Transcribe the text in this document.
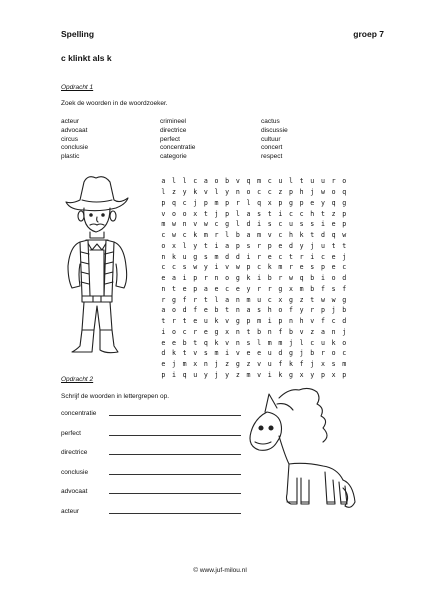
Spelling	groep 7
c klinkt als k
Opdracht 1
Zoek de woorden in de woordzoeker.
acteur	crimineel	cactus
advocaat	directrice	discussie
circus	perfect	cultuur
conclusie	concentratie	concert
plastic	categorie	respect
a	l	l	c	a	o	b	v	q	m	c	u	l	t	u	u	r	o
l	z	y	k	v	l	y	n	o	c	c	z	p	h	j	w	o	q
p	q	c	j	p	m	p	r	l	q	x	p	g	p	e	y	q	g
v	o	o	x	t	j	p	l	a	s	t	i	c	c	h	t	z	p
m	w	n	v	w	c	g	l	d	i	s	c	u	s	s	i	e	p
c	w	c	k	m	r	l	b	a	m	v	c	h	k	t	d	q	w
o	x	l	y	t	i	a	p	s	r	p	e	d	y	j	u	t	t
n	k	u	g	s	m	d	d	i	r	e	c	t	r	i	c	e	j
c	c	s	w	y	i	v	w	p	c	k	m	r	e	s	p	e	c
e	a	i	p	r	n	o	g	k	i	b	r	w	q	b	i	o	d
n	t	e	p	a	e	c	e	y	r	r	g	x	m	b	f	s	f
r	g	f	r	t	l	a	n	m	u	c	x	g	z	t	w	w	g
a	o	d	f	e	b	t	n	a	s	h	o	f	y	r	p	j	b
t	r	t	e	u	k	v	g	p	m	i	p	n	h	v	f	c	d
i	o	c	r	e	g	x	n	t	b	n	f	b	v	z	a	n	j
e	e	b	t	q	k	v	n	s	l	m	m	j	l	c	u	k	o
d	k	t	v	s	m	i	v	e	e	u	d	g	j	b	r	o	c
e	j	m	x	n	j	z	g	z	v	u	f	k	f	j	x	s	m
p	i	q	u	y	j	y	z	m	v	i	k	g	x	y	p	x	p
Opdracht 2
Schrijf de woorden in lettergrepen op.
concentratie
perfect
directrice
conclusie
advocaat
acteur
© www.juf-milou.nl
